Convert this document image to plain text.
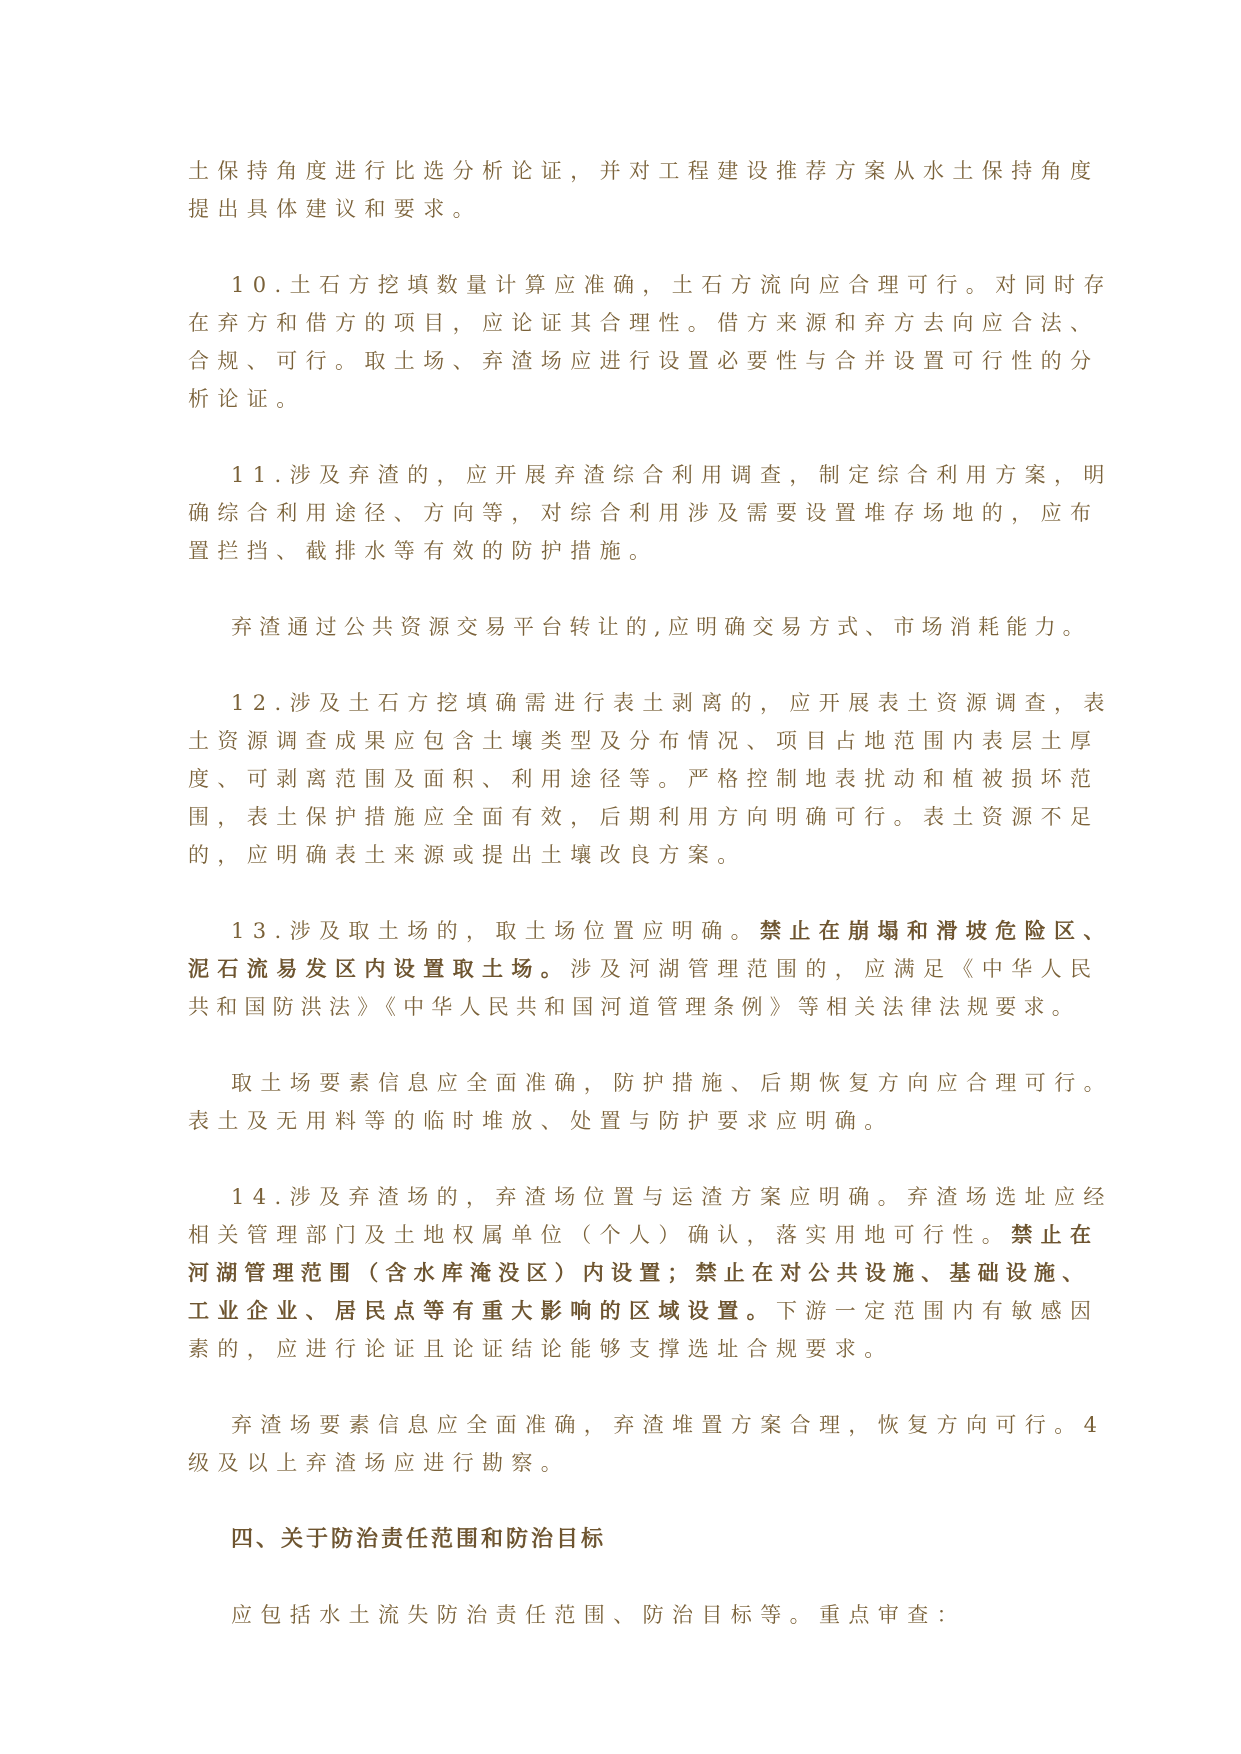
土保持角度进行比选分析论证，并对工程建设推荐方案从水土保持角度
提出具体建议和要求。
10.土石方挖填数量计算应准确，土石方流向应合理可行。对同时存
在弃方和借方的项目，应论证其合理性。借方来源和弃方去向应合法、
合规、可行。取土场、弃渣场应进行设置必要性与合并设置可行性的分
析论证。
11.涉及弃渣的，应开展弃渣综合利用调查，制定综合利用方案，明
确综合利用途径、方向等，对综合利用涉及需要设置堆存场地的，应布
置拦挡、截排水等有效的防护措施。
弃渣通过公共资源交易平台转让的,应明确交易方式、市场消耗能力。
12.涉及土石方挖填确需进行表土剥离的，应开展表土资源调查，表
土资源调查成果应包含土壤类型及分布情况、项目占地范围内表层土厚
度、可剥离范围及面积、利用途径等。严格控制地表扰动和植被损坏范
围，表土保护措施应全面有效，后期利用方向明确可行。表土资源不足
的，应明确表土来源或提出土壤改良方案。
13.涉及取土场的，取土场位置应明确。禁止在崩塌和滑坡危险区、
泥石流易发区内设置取土场。涉及河湖管理范围的，应满足《中华人民
共和国防洪法》《中华人民共和国河道管理条例》等相关法律法规要求。
取土场要素信息应全面准确，防护措施、后期恢复方向应合理可行。
表土及无用料等的临时堆放、处置与防护要求应明确。
14.涉及弃渣场的，弃渣场位置与运渣方案应明确。弃渣场选址应经
相关管理部门及土地权属单位（个人）确认，落实用地可行性。禁止在
河湖管理范围（含水库淹没区）内设置；禁止在对公共设施、基础设施、
工业企业、居民点等有重大影响的区域设置。下游一定范围内有敏感因
素的，应进行论证且论证结论能够支撑选址合规要求。
弃渣场要素信息应全面准确，弃渣堆置方案合理，恢复方向可行。4
级及以上弃渣场应进行勘察。
四、关于防治责任范围和防治目标
应包括水土流失防治责任范围、防治目标等。重点审查：
